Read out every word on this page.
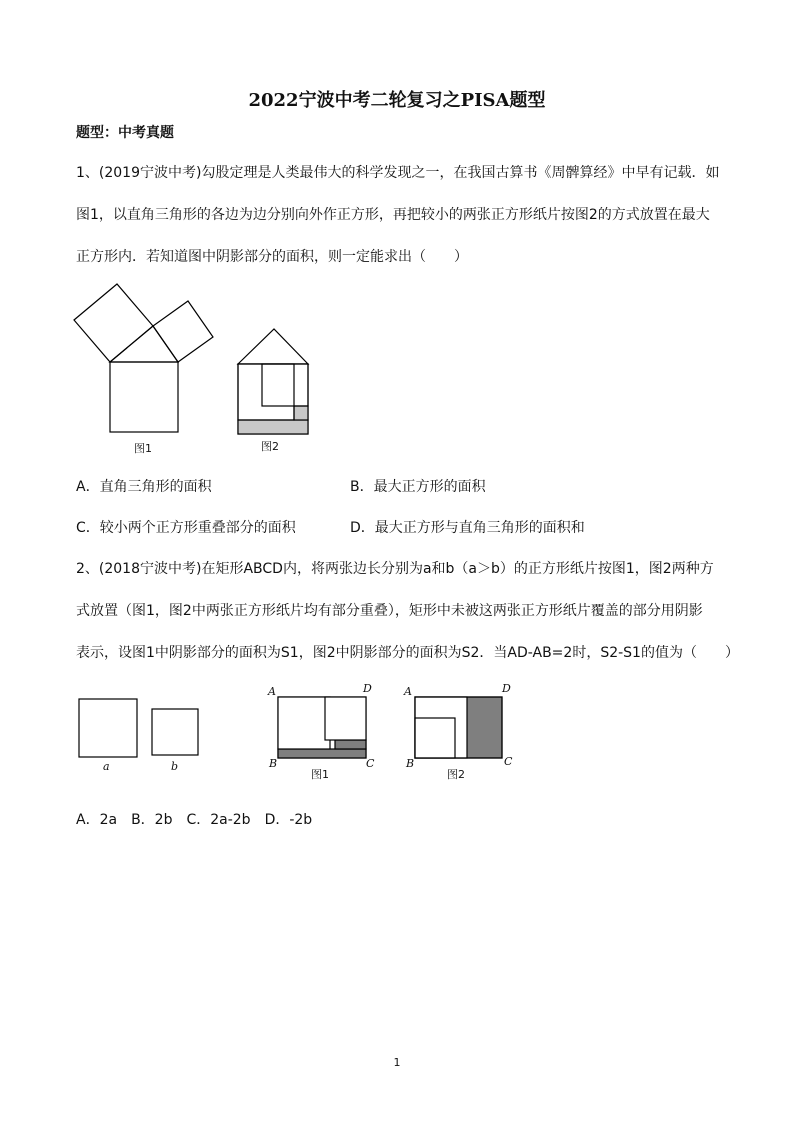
2022宁波中考二轮复习之PISA题型
题型：中考真题
1、(2019宁波中考)勾股定理是人类最伟大的科学发现之一，在我国古算书《周髀算经》中早有记载．如
图1，以直角三角形的各边为边分别向外作正方形，再把较小的两张正方形纸片按图2的方式放置在最大
正方形内．若知道图中阴影部分的面积，则一定能求出（　　）
图1	图2
A．直角三角形的面积	B．最大正方形的面积
C．较小两个正方形重叠部分的面积	D．最大正方形与直角三角形的面积和
2、(2018宁波中考)在矩形ABCD内，将两张边长分别为a和b（a＞b）的正方形纸片按图1，图2两种方
式放置（图1，图2中两张正方形纸片均有部分重叠），矩形中未被这两张正方形纸片覆盖的部分用阴影
表示，设图1中阴影部分的面积为S1，图2中阴影部分的面积为S2．当AD-AB=2时，S2-S1的值为（　　）
a	b
A	D
B	C
图1
A	D
B	C
图2
A．2a　B．2b　C．2a-2b　D．-2b
1
